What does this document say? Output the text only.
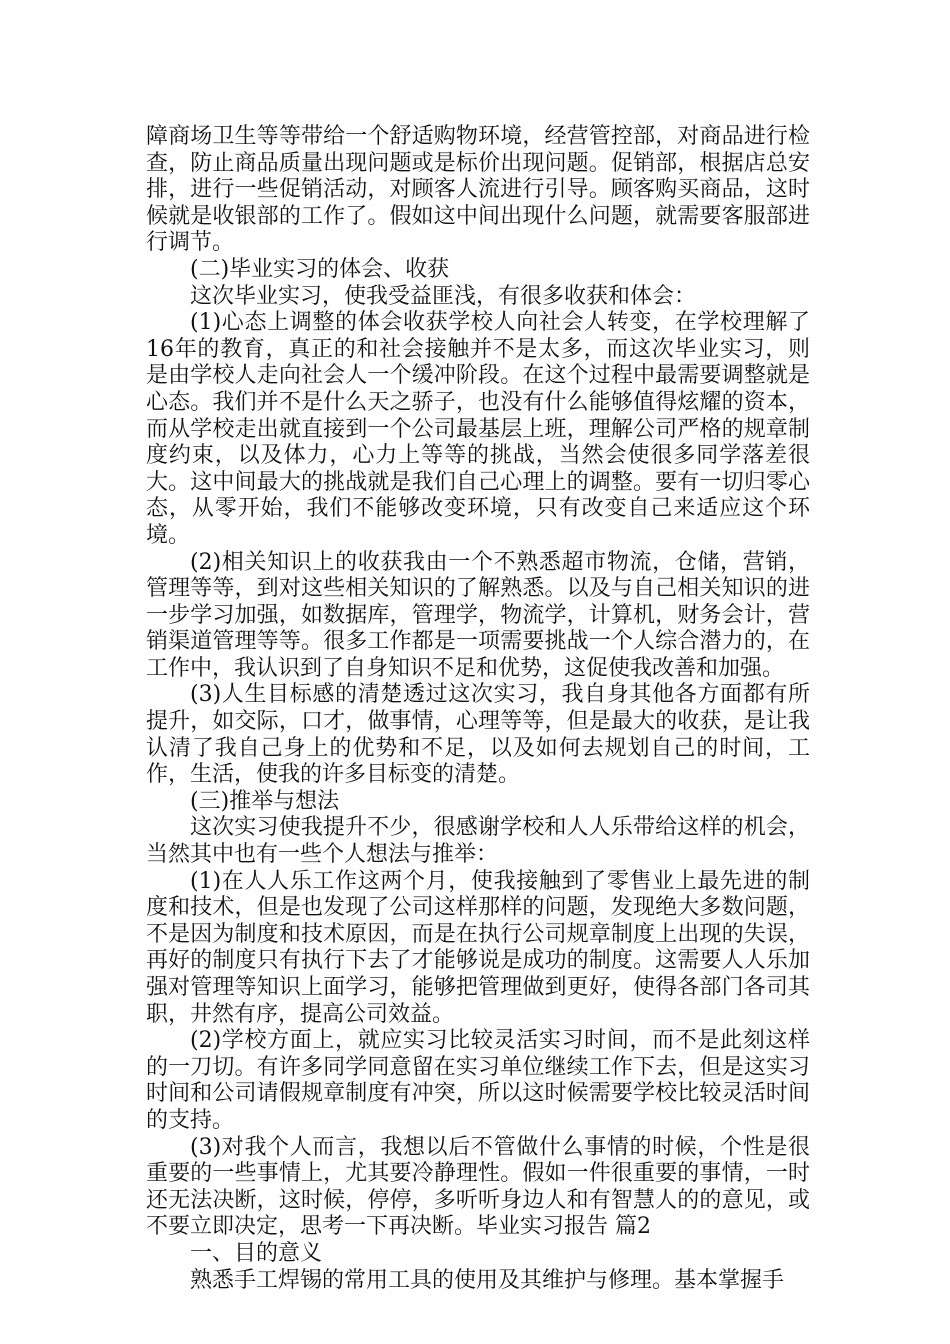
障商场卫生等等带给一个舒适购物环境，经营管控部，对商品进行检查，防止商品质量出现问题或是标价出现问题。促销部，根据店总安排，进行一些促销活动，对顾客人流进行引导。顾客购买商品，这时候就是收银部的工作了。假如这中间出现什么问题，就需要客服部进行调节。

(二)毕业实习的体会、收获

这次毕业实习，使我受益匪浅，有很多收获和体会：

(1)心态上调整的体会收获学校人向社会人转变，在学校理解了16年的教育，真正的和社会接触并不是太多，而这次毕业实习，则是由学校人走向社会人一个缓冲阶段。在这个过程中最需要调整就是心态。我们并不是什么天之骄子，也没有什么能够值得炫耀的资本，而从学校走出就直接到一个公司最基层上班，理解公司严格的规章制度约束，以及体力，心力上等等的挑战，当然会使很多同学落差很大。这中间最大的挑战就是我们自己心理上的调整。要有一切归零心态，从零开始，我们不能够改变环境，只有改变自己来适应这个环境。

(2)相关知识上的收获我由一个不熟悉超市物流，仓储，营销，管理等等，到对这些相关知识的了解熟悉。以及与自己相关知识的进一步学习加强，如数据库，管理学，物流学，计算机，财务会计，营销渠道管理等等。很多工作都是一项需要挑战一个人综合潜力的，在工作中，我认识到了自身知识不足和优势，这促使我改善和加强。

(3)人生目标感的清楚透过这次实习，我自身其他各方面都有所提升，如交际，口才，做事情，心理等等，但是最大的收获，是让我认清了我自己身上的优势和不足，以及如何去规划自己的时间，工作，生活，使我的许多目标变的清楚。

(三)推举与想法

这次实习使我提升不少，很感谢学校和人人乐带给这样的机会，当然其中也有一些个人想法与推举：

(1)在人人乐工作这两个月，使我接触到了零售业上最先进的制度和技术，但是也发现了公司这样那样的问题，发现绝大多数问题，不是因为制度和技术原因，而是在执行公司规章制度上出现的失误，再好的制度只有执行下去了才能够说是成功的制度。这需要人人乐加强对管理等知识上面学习，能够把管理做到更好，使得各部门各司其职，井然有序，提高公司效益。

(2)学校方面上，就应实习比较灵活实习时间，而不是此刻这样的一刀切。有许多同学同意留在实习单位继续工作下去，但是这实习时间和公司请假规章制度有冲突，所以这时候需要学校比较灵活时间的支持。

(3)对我个人而言，我想以后不管做什么事情的时候，个性是很重要的一些事情上，尤其要冷静理性。假如一件很重要的事情，一时还无法决断，这时候，停停，多听听身边人和有智慧人的的意见，或不要立即决定，思考一下再决断。毕业实习报告 篇2

一、目的意义

熟悉手工焊锡的常用工具的使用及其维护与修理。基本掌握手
